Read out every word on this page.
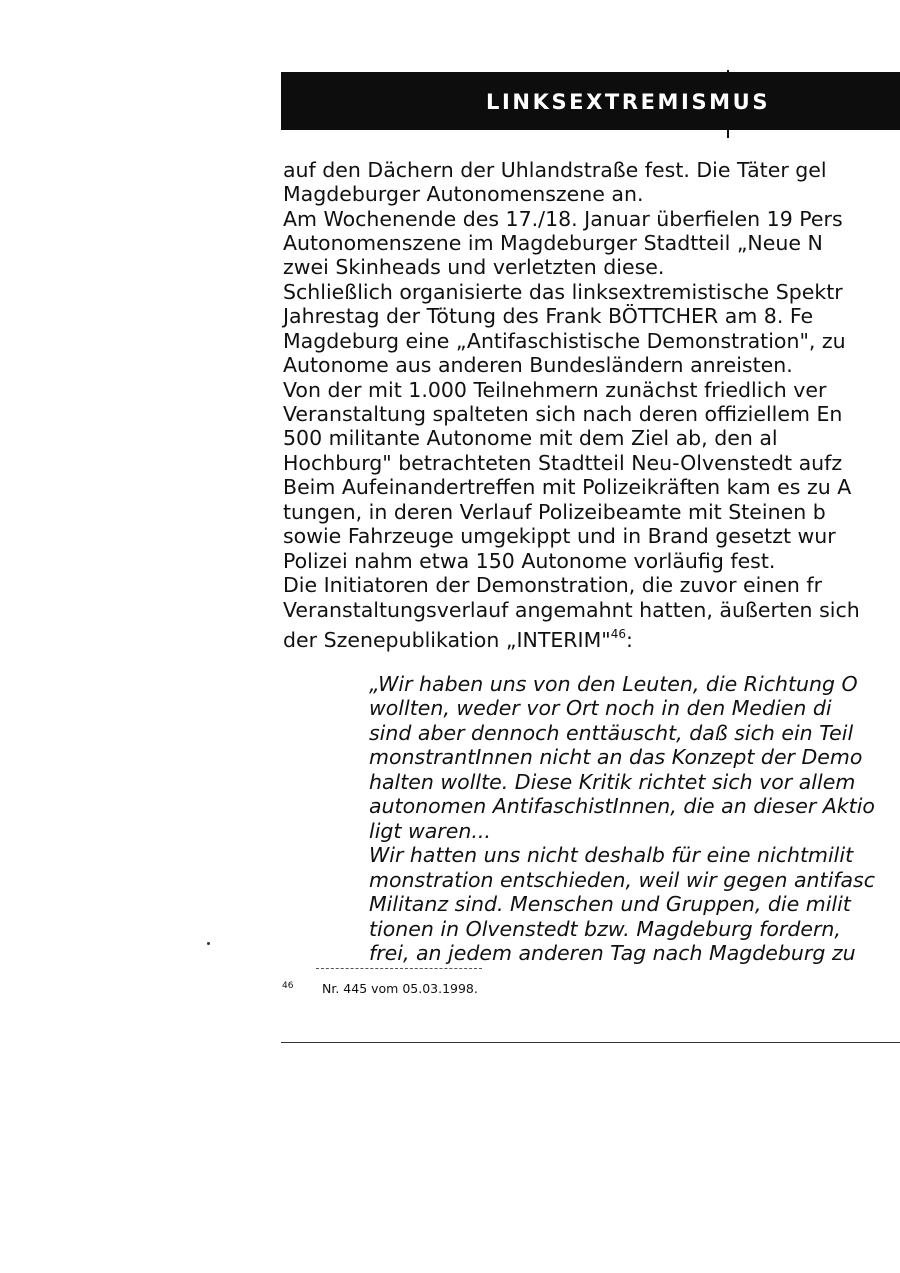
LINKSEXTREMISMUS
auf den Dächern der Uhlandstraße fest. Die Täter gel
Magdeburger Autonomenszene an.
Am Wochenende des 17./18. Januar überfielen 19 Pers
Autonomenszene im Magdeburger Stadtteil „Neue N
zwei Skinheads und verletzten diese.
Schließlich organisierte das linksextremistische Spektr
Jahrestag der Tötung des Frank BÖTTCHER am 8. Fe
Magdeburg eine „Antifaschistische Demonstration", zu
Autonome aus anderen Bundesländern anreisten.
Von der mit 1.000 Teilnehmern zunächst friedlich ver
Veranstaltung spalteten sich nach deren offiziellem En
500 militante Autonome mit dem Ziel ab, den al
Hochburg" betrachteten Stadtteil Neu-Olvenstedt aufz
Beim Aufeinandertreffen mit Polizeikräften kam es zu A
tungen, in deren Verlauf Polizeibeamte mit Steinen b
sowie Fahrzeuge umgekippt und in Brand gesetzt wur
Polizei nahm etwa 150 Autonome vorläufig fest.
Die Initiatoren der Demonstration, die zuvor einen fr
Veranstaltungsverlauf angemahnt hatten, äußerten sich
der Szenepublikation „INTERIM"$^{46}$:
„Wir haben uns von den Leuten, die Richtung O
wollten, weder vor Ort noch in den Medien di
sind aber dennoch enttäuscht, daß sich ein Teil
monstrantInnen nicht an das Konzept der Demo
halten wollte. Diese Kritik richtet sich vor allem
autonomen AntifaschistInnen, die an dieser Aktio
ligt waren...
Wir hatten uns nicht deshalb für eine nichtmilit
monstration entschieden, weil wir gegen antifasc
Militanz sind. Menschen und Gruppen, die milit
tionen in Olvenstedt bzw. Magdeburg fordern,
frei, an jedem anderen Tag nach Magdeburg zu
46 Nr. 445 vom 05.03.1998.
